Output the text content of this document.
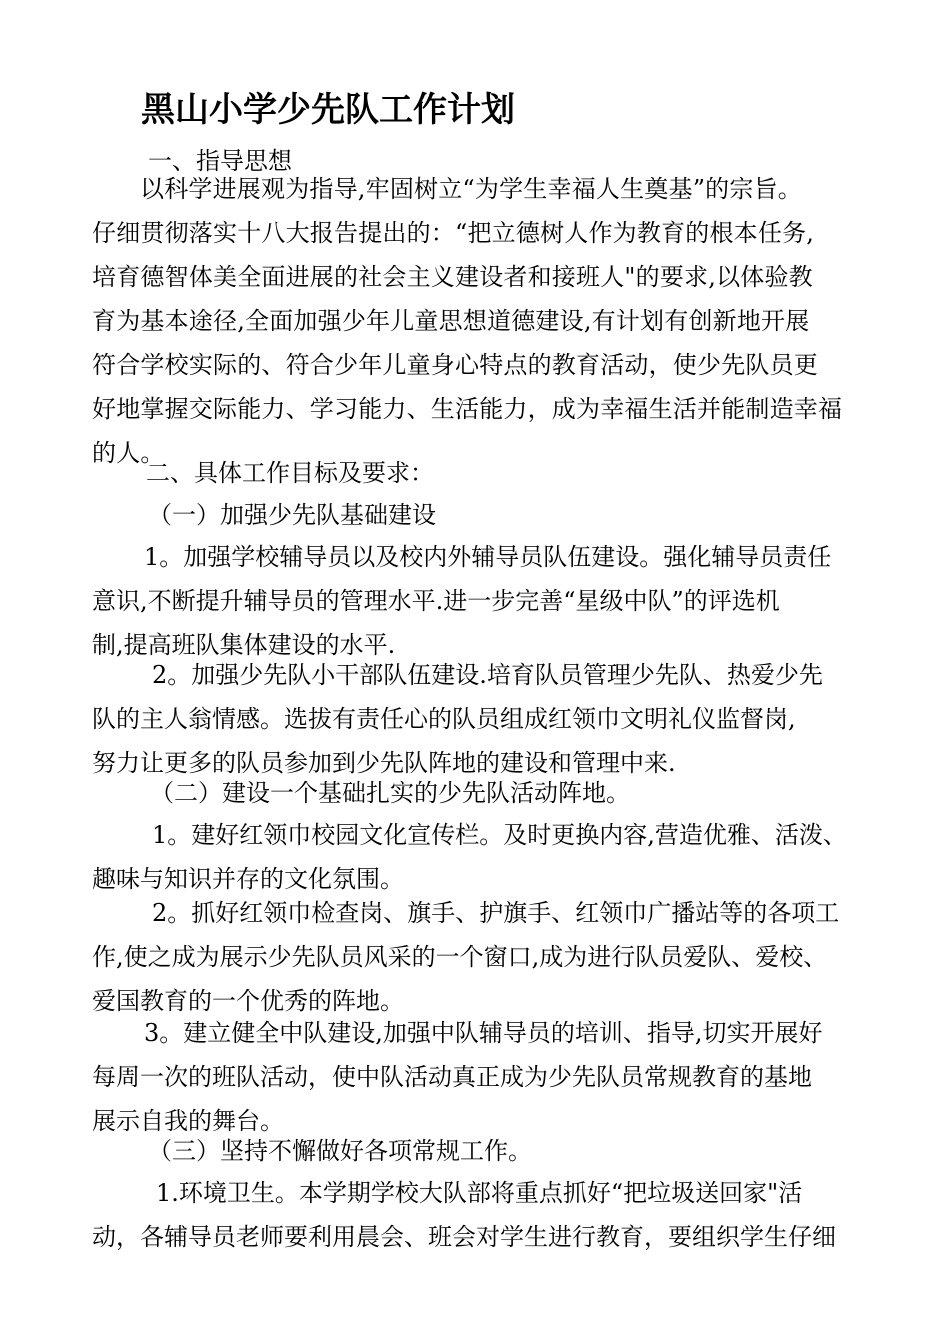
黑山小学少先队工作计划

一、指导思想

以科学进展观为指导,牢固树立“为学生幸福人生奠基”的宗旨。
仔细贯彻落实十八大报告提出的：“把立德树人作为教育的根本任务,
培育德智体美全面进展的社会主义建设者和接班人"的要求,以体验教
育为基本途径,全面加强少年儿童思想道德建设,有计划有创新地开展
符合学校实际的、符合少年儿童身心特点的教育活动，使少先队员更
好地掌握交际能力、学习能力、生活能力，成为幸福生活并能制造幸福
的人。

二、具体工作目标及要求：

（一）加强少先队基础建设

1。加强学校辅导员以及校内外辅导员队伍建设。强化辅导员责任
意识,不断提升辅导员的管理水平.进一步完善“星级中队”的评选机
制,提高班队集体建设的水平.
2。加强少先队小干部队伍建设.培育队员管理少先队、热爱少先
队的主人翁情感。选拔有责任心的队员组成红领巾文明礼仪监督岗,
努力让更多的队员参加到少先队阵地的建设和管理中来.

（二）建设一个基础扎实的少先队活动阵地。

1。建好红领巾校园文化宣传栏。及时更换内容,营造优雅、活泼、
趣味与知识并存的文化氛围。
2。抓好红领巾检查岗、旗手、护旗手、红领巾广播站等的各项工
作,使之成为展示少先队员风采的一个窗口,成为进行队员爱队、爱校、
爱国教育的一个优秀的阵地。
3。建立健全中队建设,加强中队辅导员的培训、指导,切实开展好
每周一次的班队活动，使中队活动真正成为少先队员常规教育的基地
展示自我的舞台。

（三）坚持不懈做好各项常规工作。

1.环境卫生。本学期学校大队部将重点抓好“把垃圾送回家"活
动，各辅导员老师要利用晨会、班会对学生进行教育，要组织学生仔细
